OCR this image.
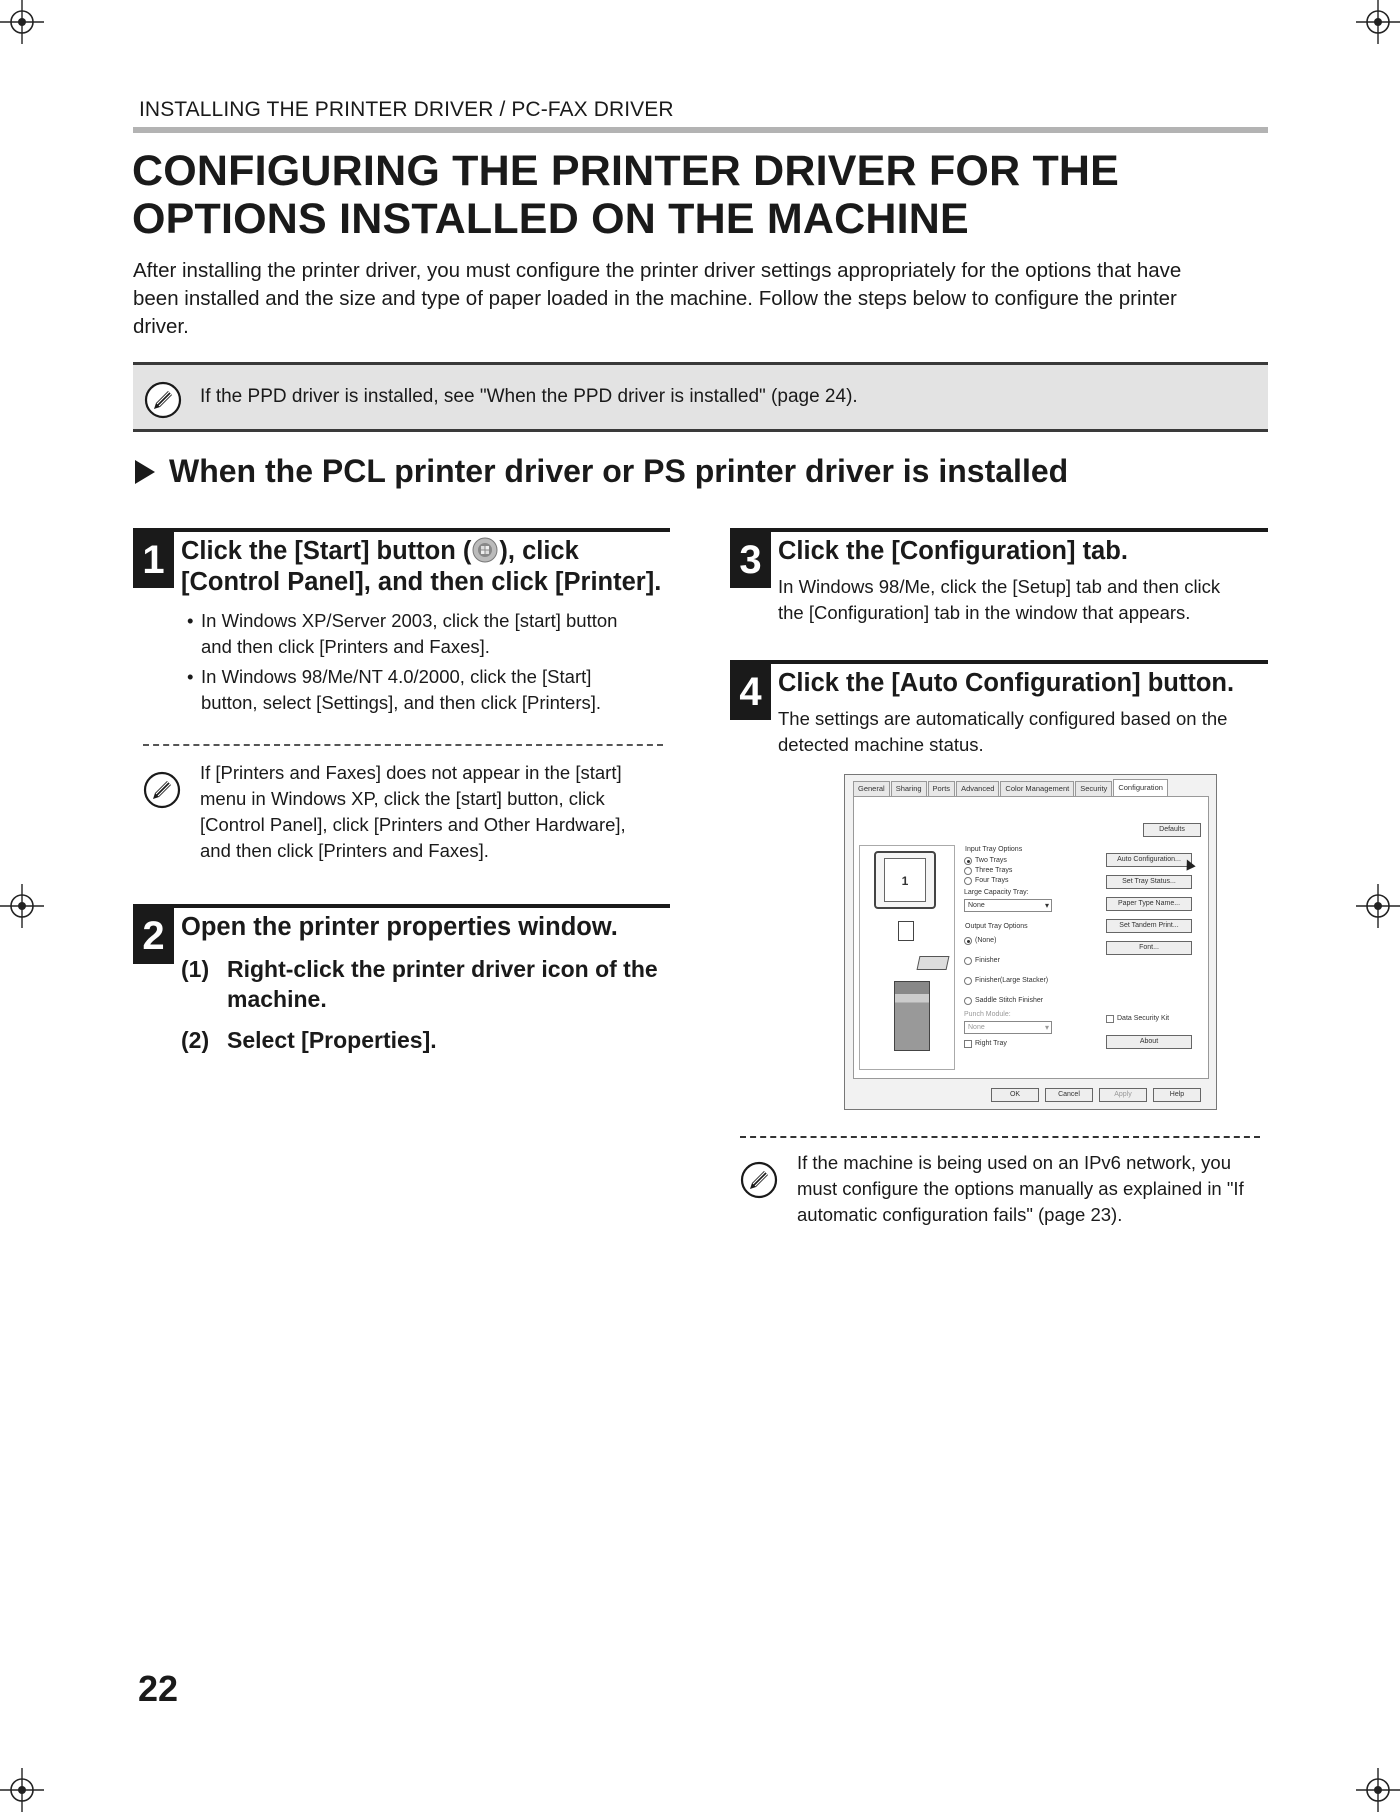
INSTALLING THE PRINTER DRIVER / PC-FAX DRIVER
CONFIGURING THE PRINTER DRIVER FOR THE
OPTIONS INSTALLED ON THE MACHINE
After installing the printer driver, you must configure the printer driver settings appropriately for the options that have
been installed and the size and type of paper loaded in the machine. Follow the steps below to configure the printer
driver.
If the PPD driver is installed, see "When the PPD driver is installed" (page 24).
When the PCL printer driver or PS printer driver is installed
1 Click the [Start] button ( ), click
[Control Panel], and then click [Printer].
• In Windows XP/Server 2003, click the [start] button
and then click [Printers and Faxes].
• In Windows 98/Me/NT 4.0/2000, click the [Start]
button, select [Settings], and then click [Printers].
If [Printers and Faxes] does not appear in the [start]
menu in Windows XP, click the [start] button, click
[Control Panel], click [Printers and Other Hardware],
and then click [Printers and Faxes].
2 Open the printer properties window.
(1) Right-click the printer driver icon of the
machine.
(2) Select [Properties].
3 Click the [Configuration] tab.
In Windows 98/Me, click the [Setup] tab and then click
the [Configuration] tab in the window that appears.
4 Click the [Auto Configuration] button.
The settings are automatically configured based on the
detected machine status.
General	Sharing	Ports	Advanced	Color Management	Security	Configuration
1
Input Tray Options
Two Trays
Three Trays
Four Trays
Large Capacity Tray:
None ▾
Output Tray Options
(None)
Finisher
Finisher(Large Stacker)
Saddle Stitch Finisher
Punch Module:
None ▾
Right Tray
Defaults
Auto Configuration...
Set Tray Status...
Paper Type Name...
Set Tandem Print...
Font...
Data Security Kit
About
OK	Cancel	Apply	Help
If the machine is being used on an IPv6 network, you
must configure the options manually as explained in "If
automatic configuration fails" (page 23).
22
